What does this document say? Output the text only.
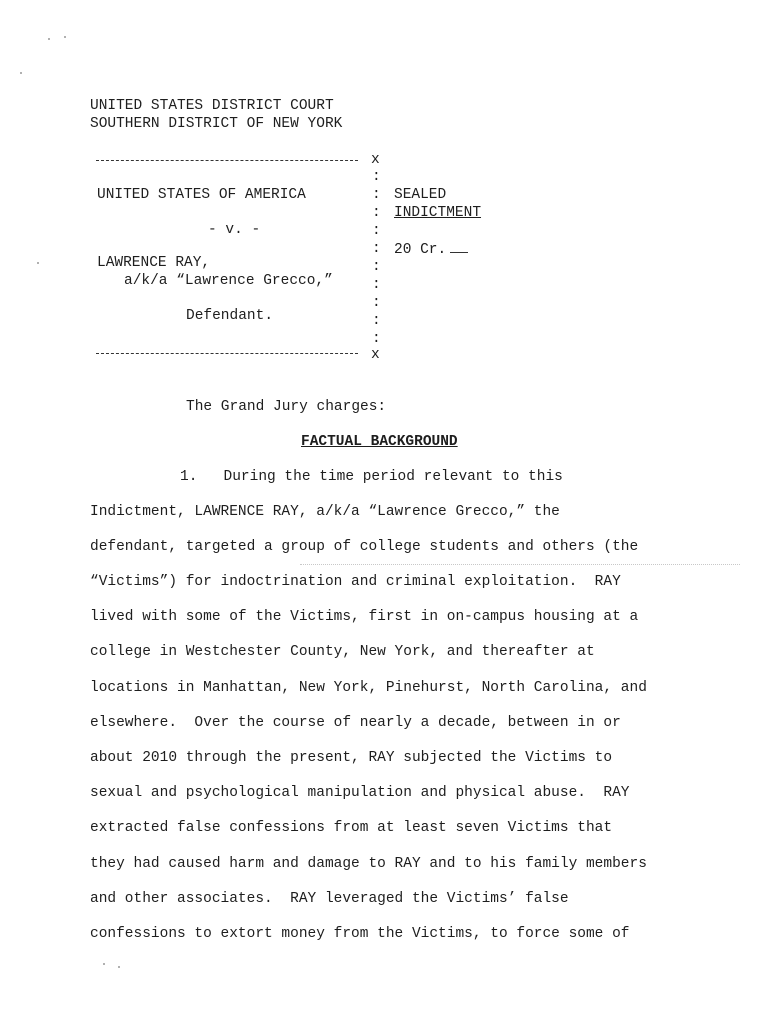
UNITED STATES DISTRICT COURT
SOUTHERN DISTRICT OF NEW YORK
x
:
:
:
:
:
:
:
:
:
:
UNITED STATES OF AMERICA
- v. -
LAWRENCE RAY,
a/k/a “Lawrence Grecco,”
Defendant.
SEALED
INDICTMENT
20 Cr.
x
The Grand Jury charges:
FACTUAL BACKGROUND
1.   During the time period relevant to this
Indictment, LAWRENCE RAY, a/k/a “Lawrence Grecco,” the
defendant, targeted a group of college students and others (the
“Victims”) for indoctrination and criminal exploitation.  RAY
lived with some of the Victims, first in on-campus housing at a
college in Westchester County, New York, and thereafter at
locations in Manhattan, New York, Pinehurst, North Carolina, and
elsewhere.  Over the course of nearly a decade, between in or
about 2010 through the present, RAY subjected the Victims to
sexual and psychological manipulation and physical abuse.  RAY
extracted false confessions from at least seven Victims that
they had caused harm and damage to RAY and to his family members
and other associates.  RAY leveraged the Victims’ false
confessions to extort money from the Victims, to force some of
